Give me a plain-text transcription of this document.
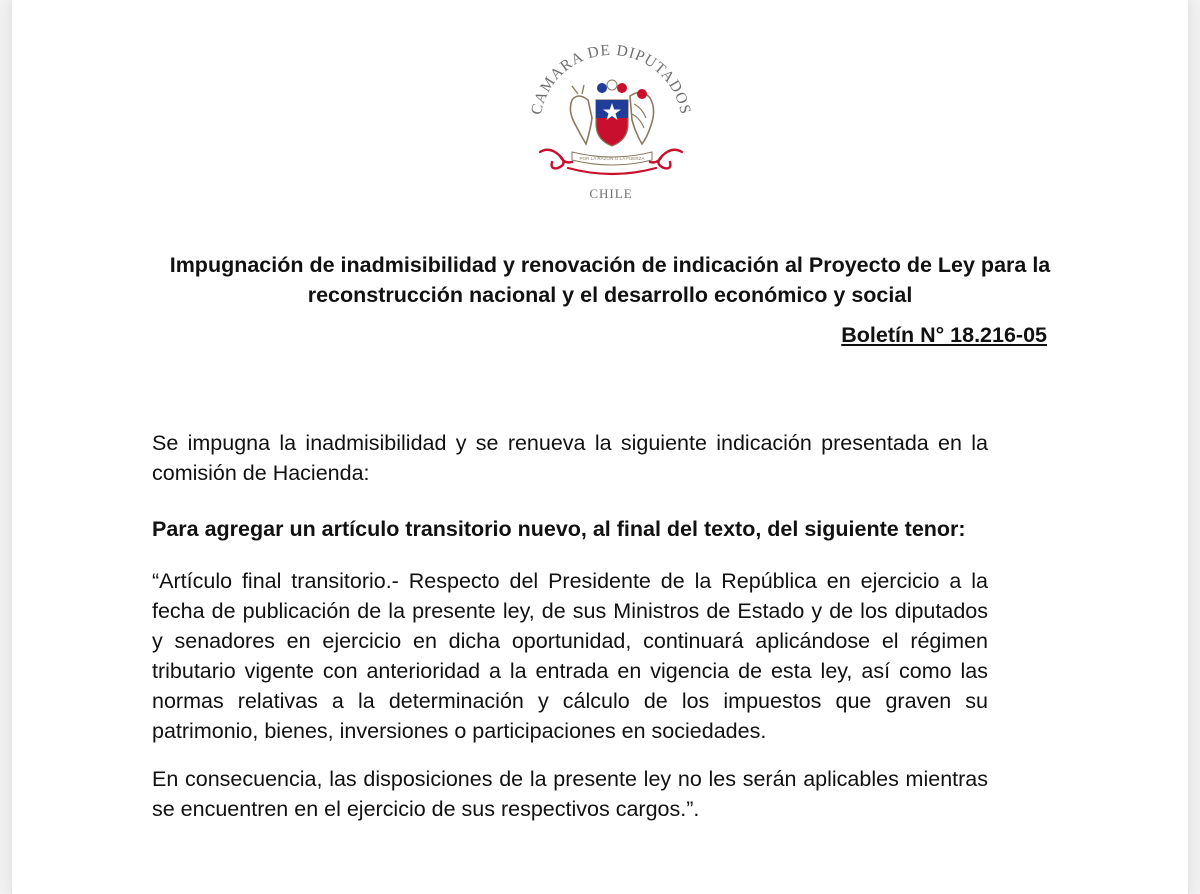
CAMARA DE DIPUTADOS
POR LA RAZON O LA FUERZA
CHILE
Impugnación de inadmisibilidad y renovación de indicación al Proyecto de Ley para la reconstrucción nacional y el desarrollo económico y social
Boletín N° 18.216-05
Se impugna la inadmisibilidad y se renueva la siguiente indicación presentada en la comisión de Hacienda:
Para agregar un artículo transitorio nuevo, al final del texto, del siguiente tenor:
“Artículo final transitorio.- Respecto del Presidente de la República en ejercicio a la fecha de publicación de la presente ley, de sus Ministros de Estado y de los diputados y senadores en ejercicio en dicha oportunidad, continuará aplicándose el régimen tributario vigente con anterioridad a la entrada en vigencia de esta ley, así como las normas relativas a la determinación y cálculo de los impuestos que graven su patrimonio, bienes, inversiones o participaciones en sociedades.
En consecuencia, las disposiciones de la presente ley no les serán aplicables mientras se encuentren en el ejercicio de sus respectivos cargos.”.
